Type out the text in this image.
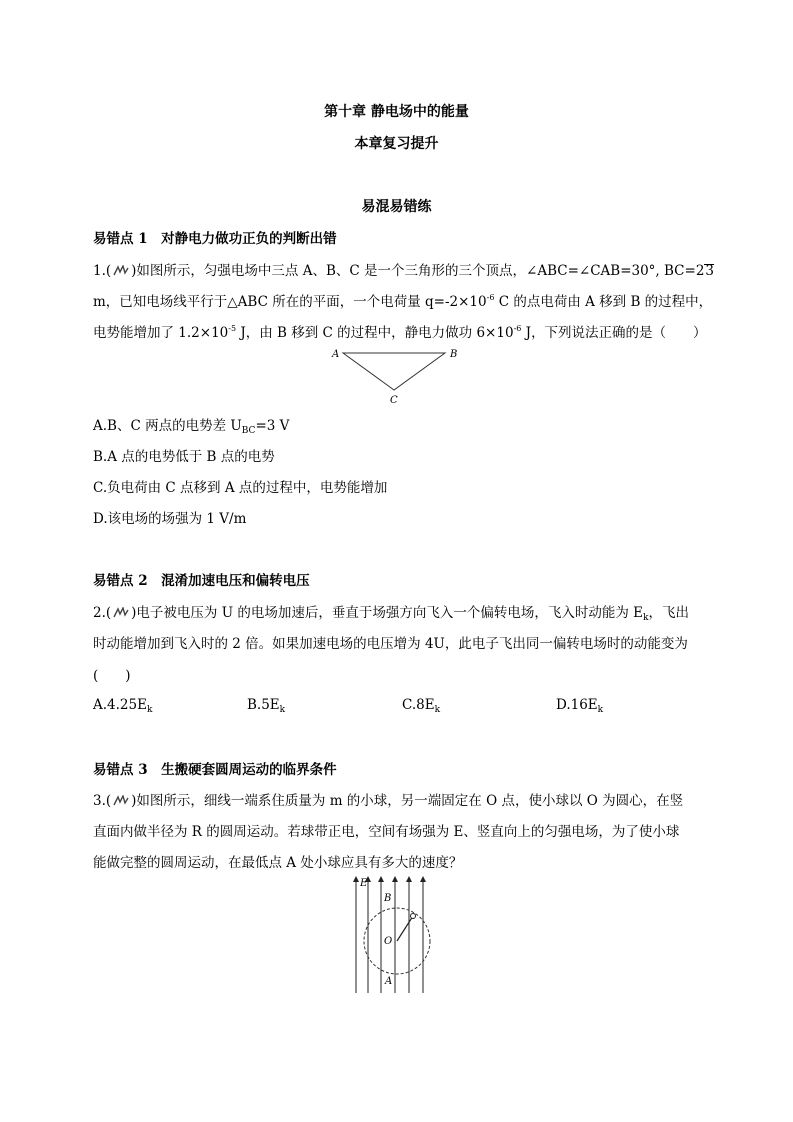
第十章 静电场中的能量
本章复习提升
易混易错练
易错点 1　对静电力做功正负的判断出错
1.( )如图所示，匀强电场中三点 A、B、C 是一个三角形的三个顶点，∠ABC=∠CAB=30°, BC=23
m，已知电场线平行于△ABC 所在的平面，一个电荷量 $q=-2\times 10^{-6}$ C 的点电荷由 A 移到 B 的过程中，
电势能增加了 $1.2\times 10^{-5}$ J，由 B 移到 C 的过程中，静电力做功 $6\times 10^{-6}$ J，下列说法正确的是（　　）
A	B
C
A.B、C 两点的电势差 $U_{BC}=3$ V
B.A 点的电势低于 B 点的电势
C.负电荷由 C 点移到 A 点的过程中，电势能增加
D.该电场的场强为 1 V/m
易错点 2　混淆加速电压和偏转电压
2.( )电子被电压为 U 的电场加速后，垂直于场强方向飞入一个偏转电场，飞入时动能为 $E_k$，飞出
时动能增加到飞入时的 2 倍。如果加速电场的电压增为 4U，此电子飞出同一偏转电场时的动能变为
(　　)
$A.4.25E_k$	$B.5E_k$	$C.8E_k$	$D.16E_k$
易错点 3　生搬硬套圆周运动的临界条件
3.( )如图所示，细线一端系住质量为 m 的小球，另一端固定在 O 点，使小球以 O 为圆心，在竖
直面内做半径为 R 的圆周运动。若球带正电，空间有场强为 E、竖直向上的匀强电场，为了使小球
能做完整的圆周运动，在最低点 A 处小球应具有多大的速度？
E
B
O
A
